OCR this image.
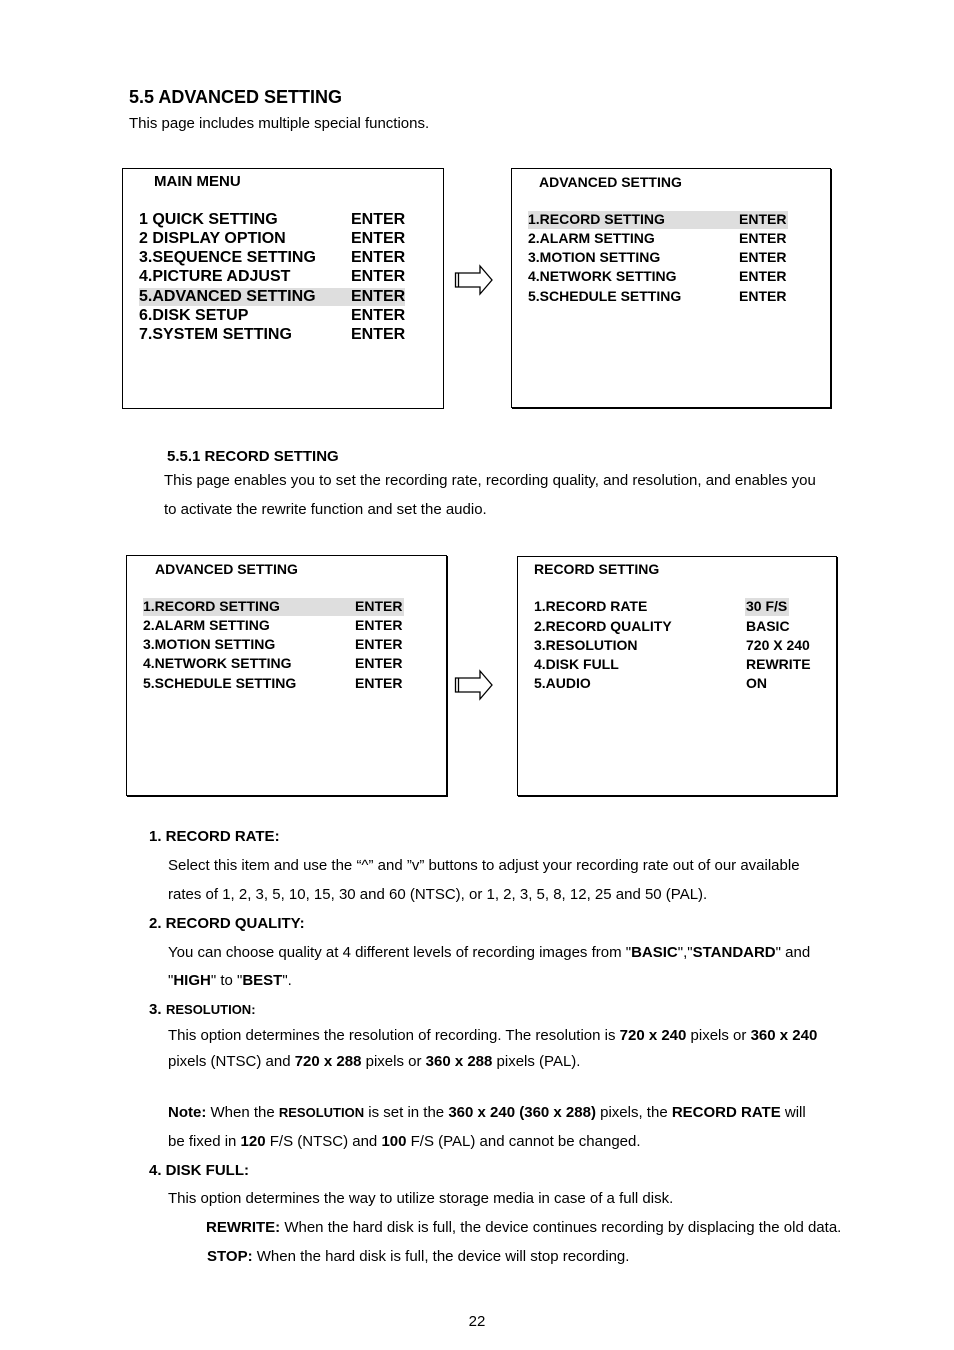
5.5 ADVANCED SETTING
This page includes multiple special functions.
MAIN MENU
1 QUICK SETTING	ENTER
2 DISPLAY OPTION	ENTER
3.SEQUENCE SETTING ENTER
4.PICTURE ADJUST	ENTER
5.ADVANCED SETTING ENTER
6.DISK SETUP	ENTER
7.SYSTEM SETTING	ENTER
ADVANCED SETTING
1.RECORD SETTING	ENTER
2.ALARM SETTING	ENTER
3.MOTION SETTING	ENTER
4.NETWORK SETTING	ENTER
5.SCHEDULE SETTING	ENTER
5.5.1 RECORD SETTING
This page enables you to set the recording rate, recording quality, and resolution, and enables you
to activate the rewrite function and set the audio.
ADVANCED SETTING
1.RECORD SETTING	ENTER
2.ALARM SETTING	ENTER
3.MOTION SETTING	ENTER
4.NETWORK SETTING	ENTER
5.SCHEDULE SETTING	ENTER
RECORD SETTING
1.RECORD RATE	30 F/S
2.RECORD QUALITY	BASIC
3.RESOLUTION	720 X 240
4.DISK FULL	REWRITE
5.AUDIO	ON
1. RECORD RATE:
Select this item and use the “^” and ”v” buttons to adjust your recording rate out of our available
rates of 1, 2, 3, 5, 10, 15, 30 and 60 (NTSC), or 1, 2, 3, 5, 8, 12, 25 and 50 (PAL).
2. RECORD QUALITY:
You can choose quality at 4 different levels of recording images from "BASIC","STANDARD" and
"HIGH" to "BEST".
3. RESOLUTION:
This option determines the resolution of recording. The resolution is 720 x 240 pixels or 360 x 240
pixels (NTSC) and 720 x 288 pixels or 360 x 288 pixels (PAL).
Note: When the RESOLUTION is set in the 360 x 240 (360 x 288) pixels, the RECORD RATE will
be fixed in 120 F/S (NTSC) and 100 F/S (PAL) and cannot be changed.
4. DISK FULL:
This option determines the way to utilize storage media in case of a full disk.
REWRITE: When the hard disk is full, the device continues recording by displacing the old data.
STOP: When the hard disk is full, the device will stop recording.
22
